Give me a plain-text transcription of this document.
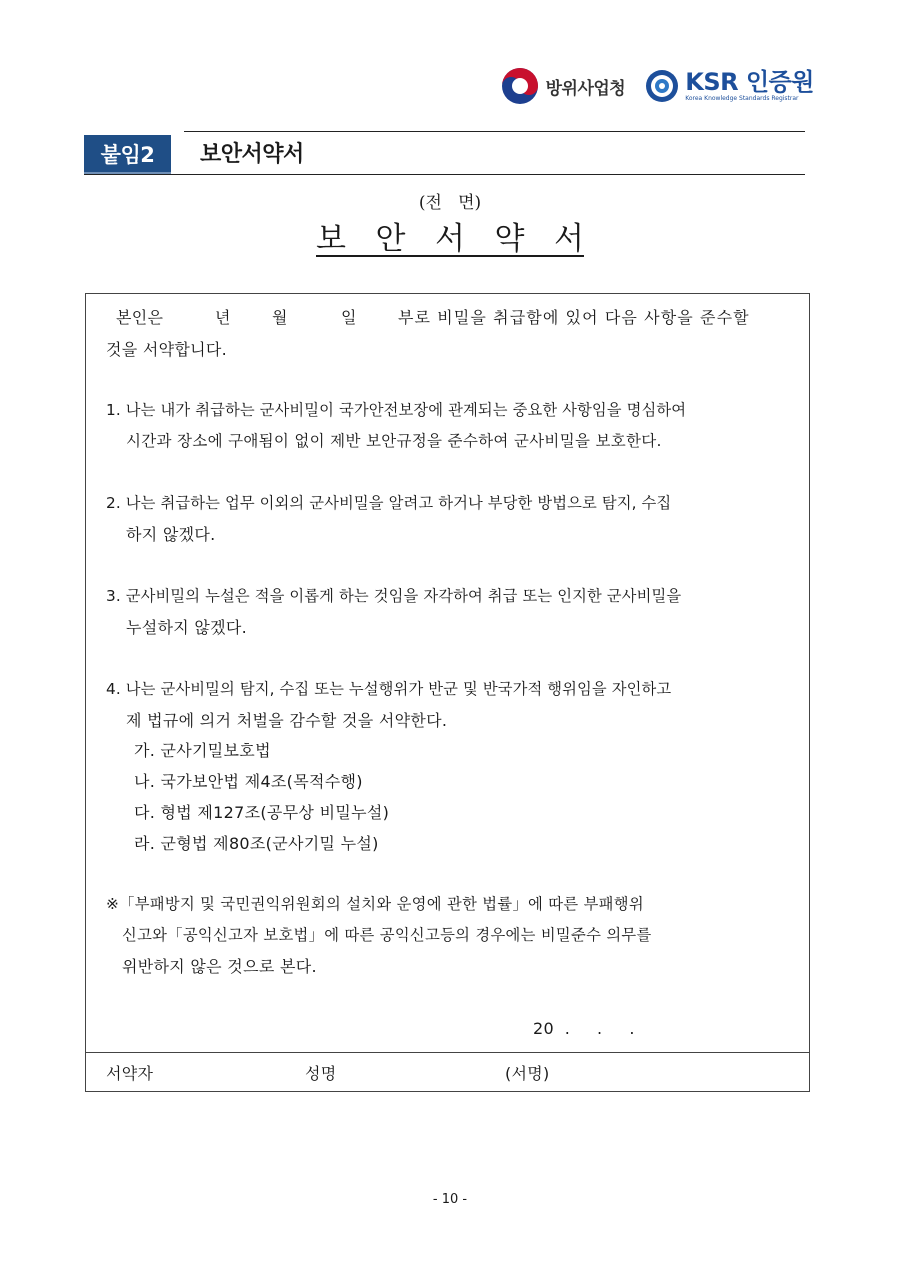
방위사업청	KSR 인증원
Korea Knowledge Standards Registrar
붙임2	보안서약서
(전   면)
보   안   서   약   서
본인은	년	월	일	부로 비밀을 취급함에 있어 다음 사항을 준수할
것을 서약합니다.
1. 나는 내가 취급하는 군사비밀이 국가안전보장에 관계되는 중요한 사항임을 명심하여
시간과 장소에 구애됨이 없이 제반 보안규정을 준수하여 군사비밀을 보호한다.
2. 나는 취급하는 업무 이외의 군사비밀을 알려고 하거나 부당한 방법으로 탐지, 수집
하지 않겠다.
3. 군사비밀의 누설은 적을 이롭게 하는 것임을 자각하여 취급 또는 인지한 군사비밀을
누설하지 않겠다.
4. 나는 군사비밀의 탐지, 수집 또는 누설행위가 반군 및 반국가적 행위임을 자인하고
제 법규에 의거 처벌을 감수할 것을 서약한다.
가. 군사기밀보호법
나. 국가보안법 제4조(목적수행)
다. 형법 제127조(공무상 비밀누설)
라. 군형법 제80조(군사기밀 누설)
※「부패방지 및 국민권익위원회의 설치와 운영에 관한 법률」에 따른 부패행위
신고와「공익신고자 보호법」에 따른 공익신고등의 경우에는 비밀준수 의무를
위반하지 않은 것으로 본다.
20  .     .     .
서약자	성명	(서명)
- 10 -
